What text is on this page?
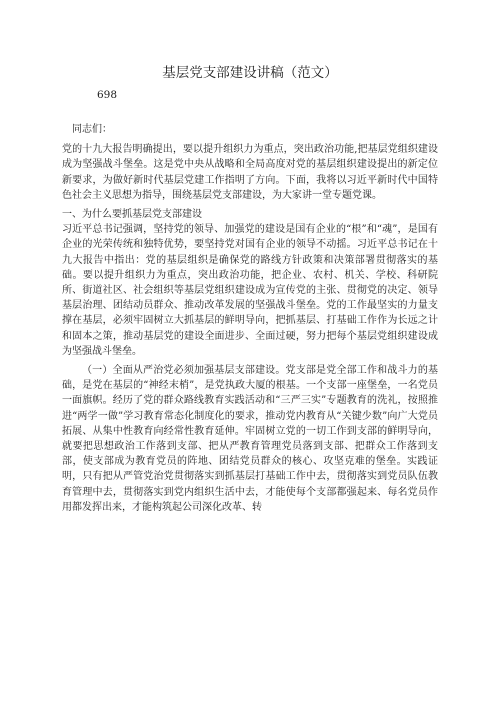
基层党支部建设讲稿（范文）
698

同志们：

党的十九大报告明确提出，要以提升组织力为重点，突出政治功能,把基层党组织建设成为坚强战斗堡垒。这是党中央从战略和全局高度对党的基层组织建设提出的新定位新要求，为做好新时代基层党建工作指明了方向。下面，我将以习近平新时代中国特色社会主义思想为指导，围绕基层党支部建设，为大家讲一堂专题党课。

一、为什么要抓基层党支部建设

习近平总书记强调，坚持党的领导、加强党的建设是国有企业的“根”和“魂”，是国有企业的光荣传统和独特优势，要坚持党对国有企业的领导不动摇。习近平总书记在十九大报告中指出：党的基层组织是确保党的路线方针政策和决策部署贯彻落实的基础。要以提升组织力为重点，突出政治功能，把企业、农村、机关、学校、科研院所、街道社区、社会组织等基层党组织建设成为宣传党的主张、贯彻党的决定、领导基层治理、团结动员群众、推动改革发展的坚强战斗堡垒。党的工作最坚实的力量支撑在基层，必须牢固树立大抓基层的鲜明导向，把抓基层、打基础工作作为长远之计和固本之策，推动基层党的建设全面进步、全面过硬，努力把每个基层党组织建设成为坚强战斗堡垒。

（一）全面从严治党必须加强基层支部建设。党支部是党全部工作和战斗力的基础，是党在基层的“神经末梢”，是党执政大厦的根基。一个支部一座堡垒，一名党员一面旗帜。经历了党的群众路线教育实践活动和“三严三实”专题教育的洗礼，按照推进“两学一做”学习教育常态化制度化的要求，推动党内教育从“关键少数”向广大党员拓展、从集中性教育向经常性教育延伸。牢固树立党的一切工作到支部的鲜明导向，就要把思想政治工作落到支部、把从严教育管理党员落到支部、把群众工作落到支部，使支部成为教育党员的阵地、团结党员群众的核心、攻坚克难的堡垒。实践证明，只有把从严管党治党贯彻落实到抓基层打基础工作中去，贯彻落实到党员队伍教育管理中去，贯彻落实到党内组织生活中去，才能使每个支部都强起来、每名党员作用都发挥出来，才能构筑起公司深化改革、转
